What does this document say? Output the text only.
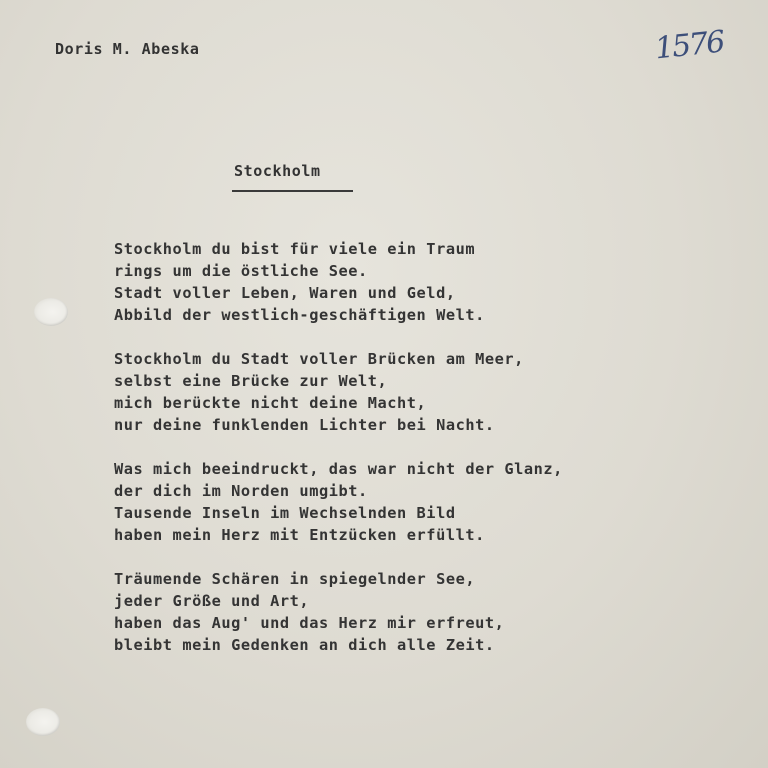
Doris M. Abeska	1576
Stockholm
Stockholm du bist für viele ein Traum
rings um die östliche See.
Stadt voller Leben, Waren und Geld,
Abbild der westlich-geschäftigen Welt.
Stockholm du Stadt voller Brücken am Meer,
selbst eine Brücke zur Welt,
mich berückte nicht deine Macht,
nur deine funklenden Lichter bei Nacht.
Was mich beeindruckt, das war nicht der Glanz,
der dich im Norden umgibt.
Tausende Inseln im Wechselnden Bild
haben mein Herz mit Entzücken erfüllt.
Träumende Schären in spiegelnder See,
jeder Größe und Art,
haben das Aug' und das Herz mir erfreut,
bleibt mein Gedenken an dich alle Zeit.
